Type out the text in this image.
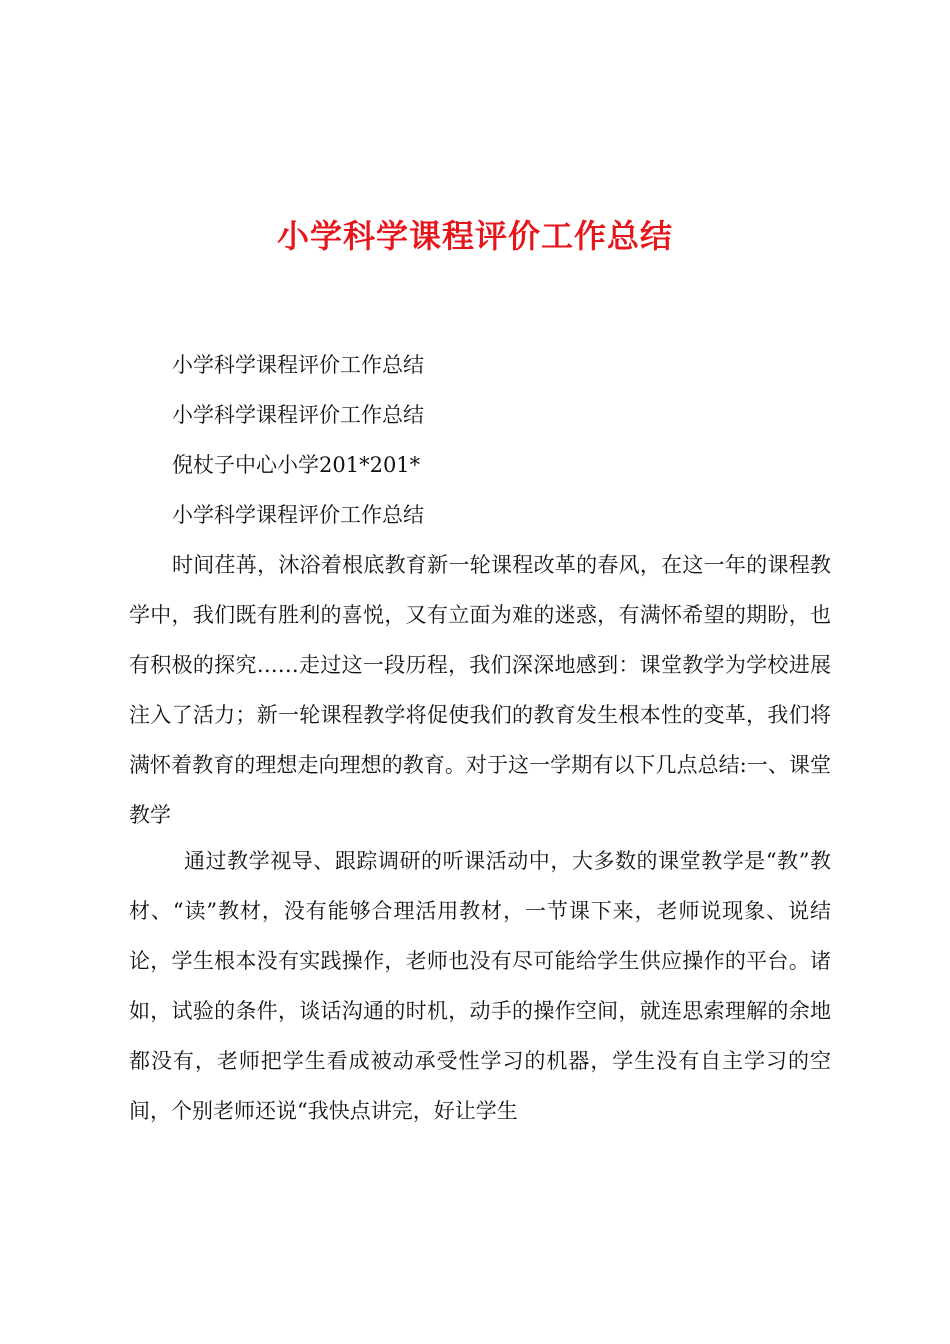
小学科学课程评价工作总结
小学科学课程评价工作总结
小学科学课程评价工作总结
倪杖子中心小学201*201*
小学科学课程评价工作总结

时间荏苒，沐浴着根底教育新一轮课程改革的春风，在这一年的课程教学中，我们既有胜利的喜悦，又有立面为难的迷惑，有满怀希望的期盼，也有积极的探究……走过这一段历程，我们深深地感到：课堂教学为学校进展注入了活力；新一轮课程教学将促使我们的教育发生根本性的变革，我们将满怀着教育的理想走向理想的教育。对于这一学期有以下几点总结:一、课堂教学

通过教学视导、跟踪调研的听课活动中，大多数的课堂教学是“教”教材、“读”教材，没有能够合理活用教材，一节课下来，老师说现象、说结论，学生根本没有实践操作，老师也没有尽可能给学生供应操作的平台。诸如，试验的条件，谈话沟通的时机，动手的操作空间，就连思索理解的余地都没有，老师把学生看成被动承受性学习的机器，学生没有自主学习的空间，个别老师还说“我快点讲完，好让学生
